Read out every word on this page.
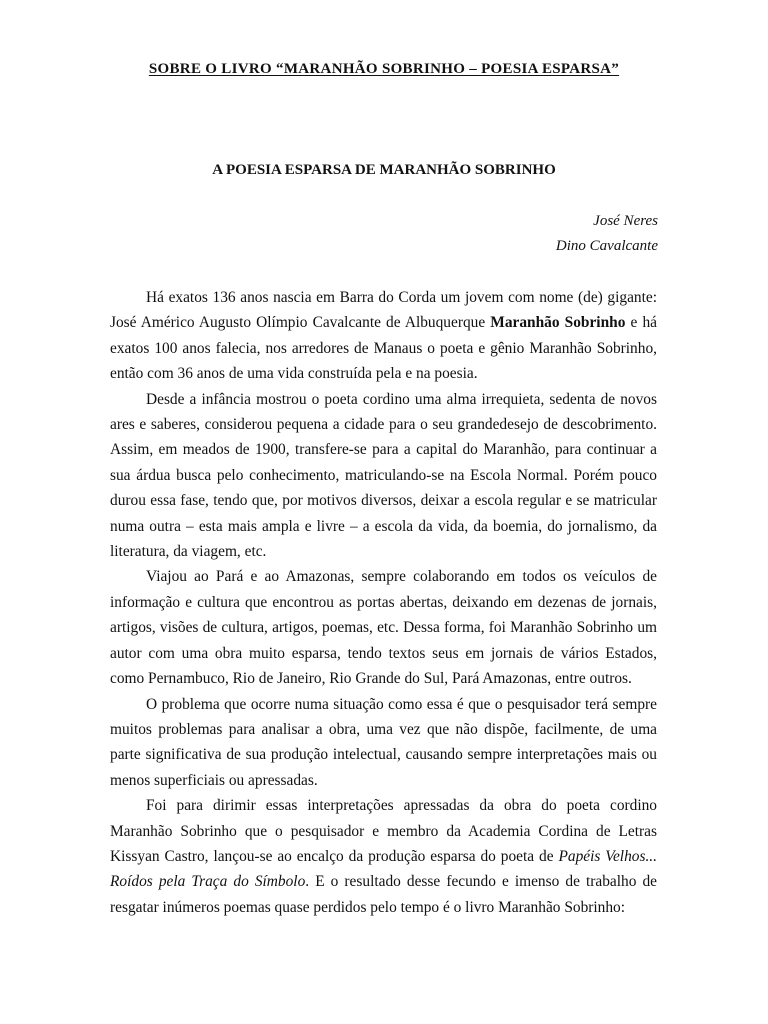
SOBRE O LIVRO “MARANHÃO SOBRINHO – POESIA ESPARSA”
A POESIA ESPARSA DE MARANHÃO SOBRINHO
José Neres
Dino Cavalcante

Há exatos 136 anos nascia em Barra do Corda um jovem com nome (de) gigante: José Américo Augusto Olímpio Cavalcante de Albuquerque Maranhão Sobrinho e há exatos 100 anos falecia, nos arredores de Manaus o poeta e gênio Maranhão Sobrinho, então com 36 anos de uma vida construída pela e na poesia.

Desde a infância mostrou o poeta cordino uma alma irrequieta, sedenta de novos ares e saberes, considerou pequena a cidade para o seu grandedesejo de descobrimento. Assim, em meados de 1900, transfere-se para a capital do Maranhão, para continuar a sua árdua busca pelo conhecimento, matriculando-se na Escola Normal. Porém pouco durou essa fase, tendo que, por motivos diversos, deixar a escola regular e se matricular numa outra – esta mais ampla e livre – a escola da vida, da boemia, do jornalismo, da literatura, da viagem, etc.

Viajou ao Pará e ao Amazonas, sempre colaborando em todos os veículos de informação e cultura que encontrou as portas abertas, deixando em dezenas de jornais, artigos, visões de cultura, artigos, poemas, etc. Dessa forma, foi Maranhão Sobrinho um autor com uma obra muito esparsa, tendo textos seus em jornais de vários Estados, como Pernambuco, Rio de Janeiro, Rio Grande do Sul, Pará Amazonas, entre outros.

O problema que ocorre numa situação como essa é que o pesquisador terá sempre muitos problemas para analisar a obra, uma vez que não dispõe, facilmente, de uma parte significativa de sua produção intelectual, causando sempre interpretações mais ou menos superficiais ou apressadas.

Foi para dirimir essas interpretações apressadas da obra do poeta cordino Maranhão Sobrinho que o pesquisador e membro da Academia Cordina de Letras Kissyan Castro, lançou-se ao encalço da produção esparsa do poeta de Papéis Velhos... Roídos pela Traça do Símbolo. E o resultado desse fecundo e imenso de trabalho de resgatar inúmeros poemas quase perdidos pelo tempo é o livro Maranhão Sobrinho:
